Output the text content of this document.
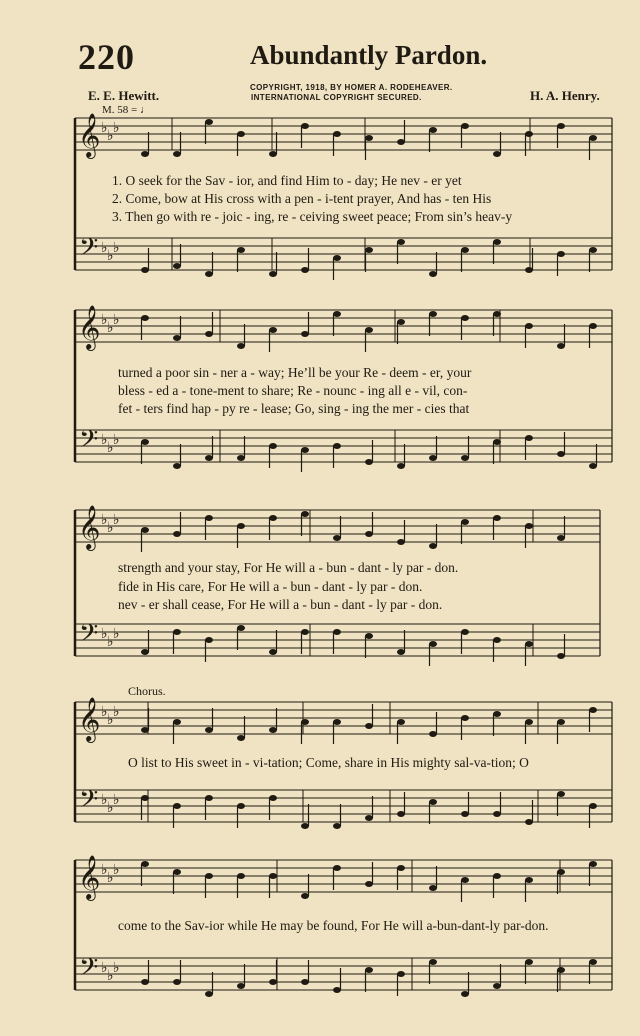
220	Abundantly Pardon.
E. E. Hewitt.
COPYRIGHT, 1918, BY HOMER A. RODEHEAVER.
INTERNATIONAL COPYRIGHT SECURED.	H. A. Henry.
M. 58 = ♩
Chorus.
𝄞
𝄢
♭ ♭ ♭
♭ ♭ ♭
𝄞
𝄢
♭ ♭ ♭
♭ ♭ ♭
𝄞
𝄢
♭ ♭ ♭
♭ ♭ ♭
𝄞
𝄢
♭ ♭ ♭
♭ ♭ ♭
𝄞
𝄢
♭ ♭ ♭
♭ ♭ ♭
1. O seek for the Sav - ior, and find Him to - day; He nev - er yet
2. Come, bow at His cross with a pen - i-tent prayer, And has - ten His
3. Then go with re - joic - ing, re - ceiving sweet peace; From sin’s heav-y
turned a poor sin - ner a - way; He’ll be your Re - deem - er, your
bless - ed a - tone-ment to share; Re - nounc - ing all e - vil, con-
fet - ters find hap - py re - lease; Go, sing - ing the mer - cies that
strength and your stay, For He will a - bun - dant - ly par - don.
fide in His care, For He will a - bun - dant - ly par - don.
nev - er shall cease, For He will a - bun - dant - ly par - don.
O list to His sweet in - vi-tation; Come, share in His mighty sal-va-tion; O
come to the Sav-ior while He may be found, For He will a-bun-dant-ly par-don.
